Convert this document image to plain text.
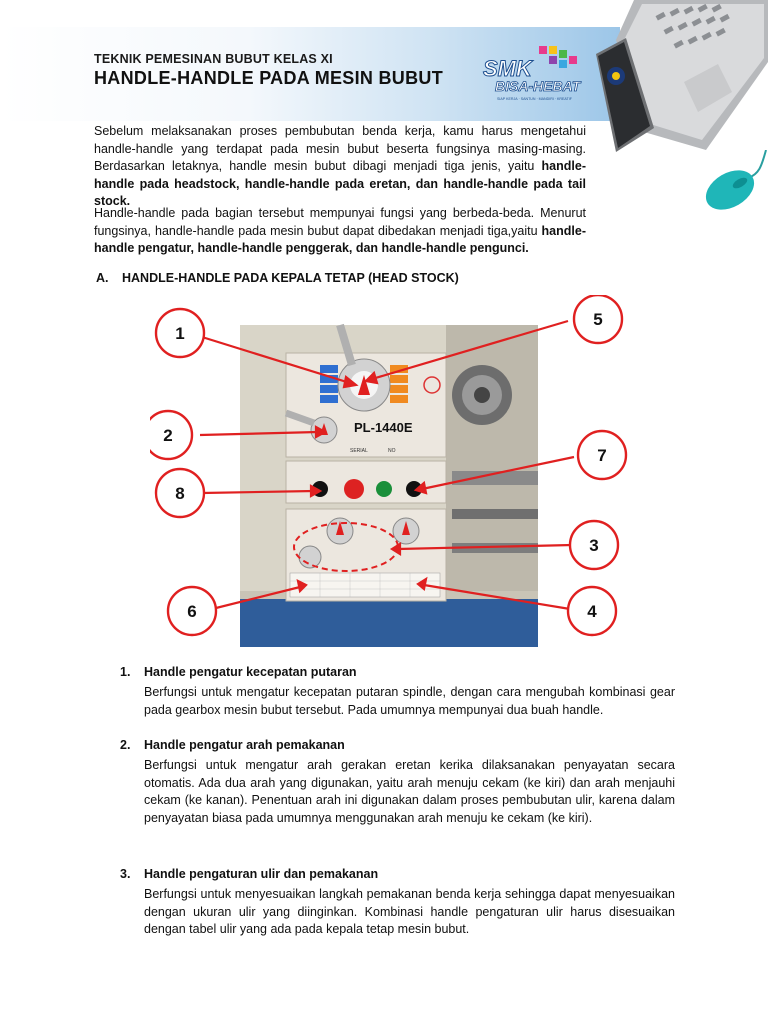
TEKNIK PEMESINAN BUBUT KELAS XI
HANDLE-HANDLE PADA MESIN BUBUT SMK
BISA-HEBAT
SIAP KERJA · SANTUN · MANDIRI · KREATIF
Sebelum melaksanakan proses pembubutan benda kerja, kamu harus mengetahui handle-handle yang terdapat pada mesin bubut beserta fungsinya masing-masing. Berdasarkan letaknya, handle mesin bubut dibagi menjadi tiga jenis, yaitu handle-handle pada headstock, handle-handle pada eretan, dan handle-handle pada tail stock.
Handle-handle pada bagian tersebut mempunyai fungsi yang berbeda-beda. Menurut fungsinya, handle-handle pada mesin bubut dapat dibedakan menjadi tiga,yaitu handle-handle pengatur, handle-handle penggerak, dan handle-handle pengunci.
A. HANDLE-HANDLE PADA KEPALA TETAP (HEAD STOCK)
PL-1440E
SERIAL	NO
1
2
3
4
5
6
7
8
1. Handle pengatur kecepatan putaran
Berfungsi untuk mengatur kecepatan putaran spindle, dengan cara mengubah kombinasi gear pada gearbox mesin bubut tersebut. Pada umumnya mempunyai dua buah handle.
2. Handle pengatur arah pemakanan
Berfungsi untuk mengatur arah gerakan eretan kerika dilaksanakan penyayatan secara otomatis. Ada dua arah yang digunakan, yaitu arah menuju cekam (ke kiri) dan arah menjauhi cekam (ke kanan). Penentuan arah ini digunakan dalam proses pembubutan ulir, karena dalam penyayatan biasa pada umumnya menggunakan arah menuju ke cekam (ke kiri).
3. Handle pengaturan ulir dan pemakanan
Berfungsi untuk menyesuaikan langkah pemakanan benda kerja sehingga dapat menyesuaikan dengan ukuran ulir yang diinginkan. Kombinasi handle pengaturan ulir harus disesuaikan dengan tabel ulir yang ada pada kepala tetap mesin bubut.
